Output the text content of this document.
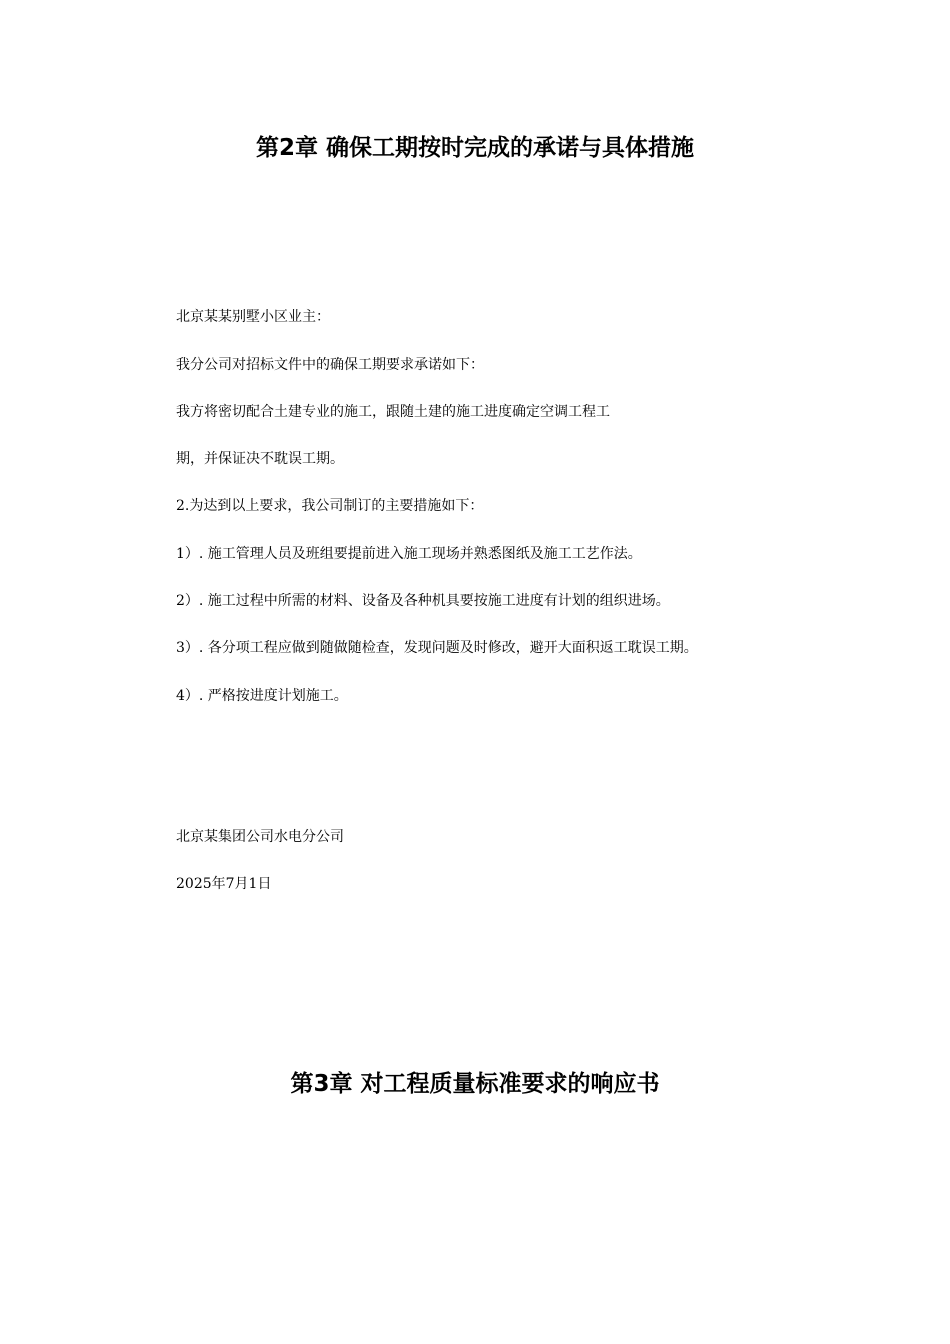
第2章 确保工期按时完成的承诺与具体措施

北京某某别墅小区业主：

我分公司对招标文件中的确保工期要求承诺如下：

我方将密切配合土建专业的施工，跟随土建的施工进度确定空调工程工

期，并保证决不耽误工期。

2.为达到以上要求，我公司制订的主要措施如下：

1）. 施工管理人员及班组要提前进入施工现场并熟悉图纸及施工工艺作法。

2）. 施工过程中所需的材料、设备及各种机具要按施工进度有计划的组织进场。

3）. 各分项工程应做到随做随检查，发现问题及时修改，避开大面积返工耽误工期。

4）. 严格按进度计划施工。

北京某集团公司水电分公司

2025年7月1日

第3章 对工程质量标准要求的响应书
